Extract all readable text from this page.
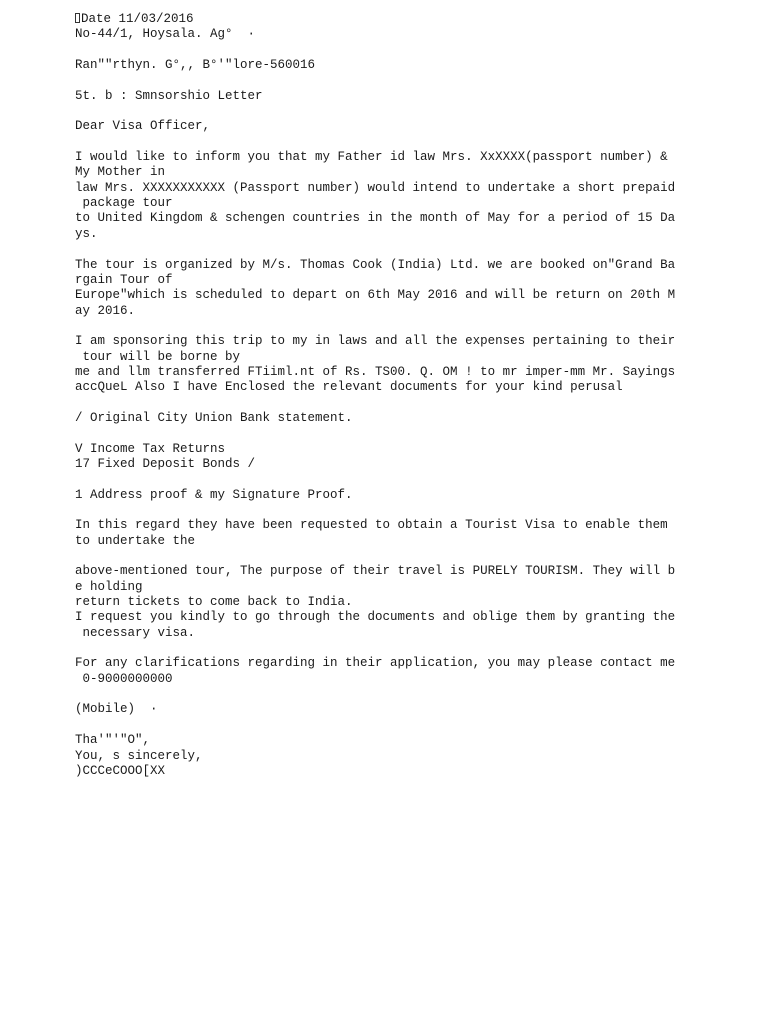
Date 11/03/2016
No-44/1, Hoysala. Ag°  ·
Ran""rthyn. G°,, B°'"lore-560016
5t. b : Smnsorshio Letter
Dear Visa Officer,
I would like to inform you that my Father id law Mrs. XxXXXX(passport number) &
My Mother in
law Mrs. XXXXXXXXXXX (Passport number) would intend to undertake a short prepaid
package tour
to United Kingdom & schengen countries in the month of May for a period of 15 Da
ys.
The tour is organized by M/s. Thomas Cook (India) Ltd. we are booked on"Grand Ba
rgain Tour of
Europe"which is scheduled to depart on 6th May 2016 and will be return on 20th M
ay 2016.
I am sponsoring this trip to my in laws and all the expenses pertaining to their
tour will be borne by
me and llm transferred FTiiml.nt of Rs. TS00. Q. OM ! to mr imper-mm Mr. Sayings
accQueL Also I have Enclosed the relevant documents for your kind perusal
/ Original City Union Bank statement.
V Income Tax Returns
17 Fixed Deposit Bonds /
1 Address proof & my Signature Proof.
In this regard they have been requested to obtain a Tourist Visa to enable them
to undertake the
above-mentioned tour, The purpose of their travel is PURELY TOURISM. They will b
e holding
return tickets to come back to India.
I request you kindly to go through the documents and oblige them by granting the
necessary visa.
For any clarifications regarding in their application, you may please contact me
0-9000000000
(Mobile)  ·
Tha'"'"O",
You, s sincerely,
)CCCeCOOO[XX
